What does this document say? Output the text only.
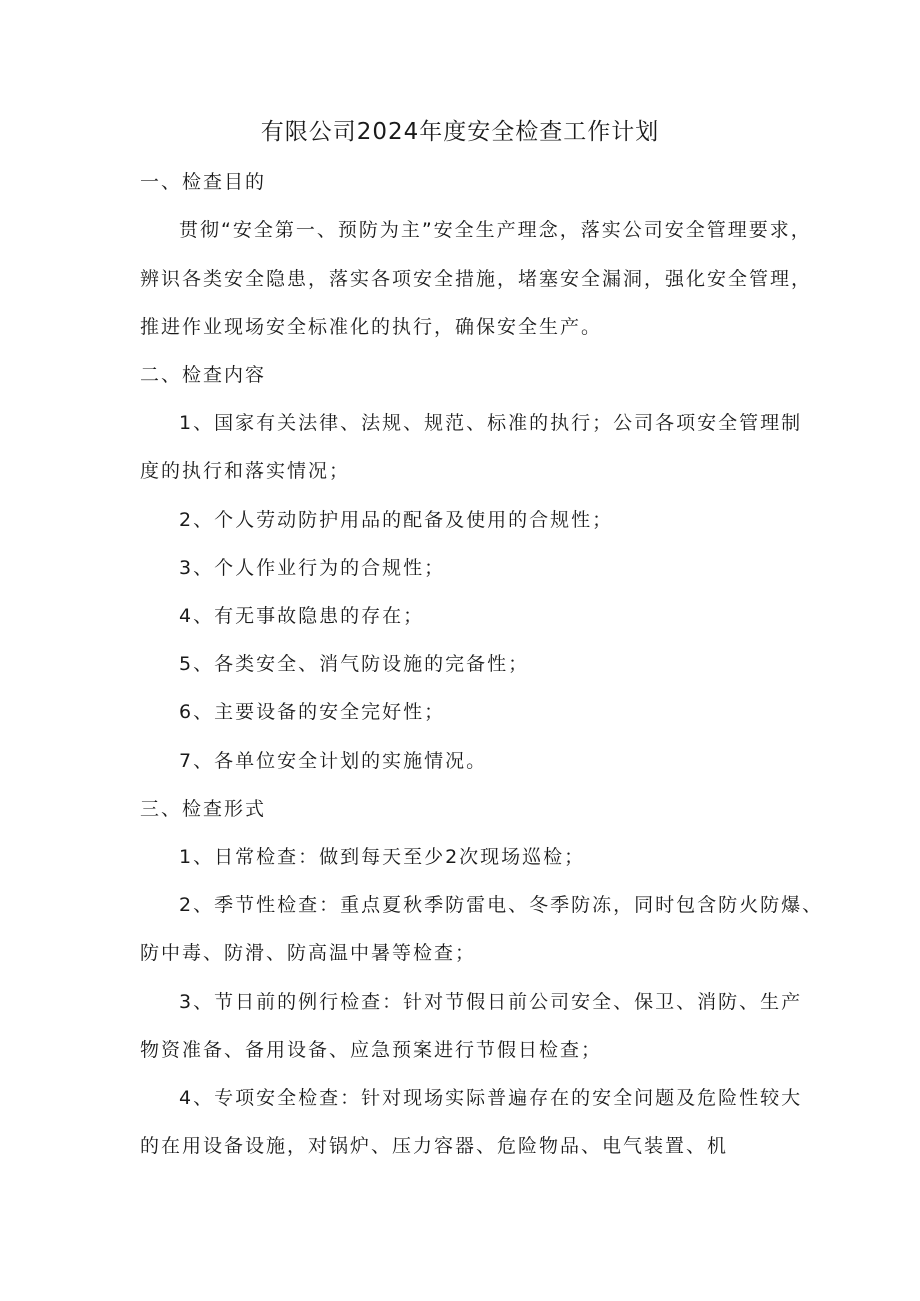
有限公司2024年度安全检查工作计划
一、检查目的
贯彻“安全第一、预防为主”安全生产理念，落实公司安全管理要求，
辨识各类安全隐患，落实各项安全措施，堵塞安全漏洞，强化安全管理，
推进作业现场安全标准化的执行，确保安全生产。
二、检查内容
1、国家有关法律、法规、规范、标准的执行；公司各项安全管理制
度的执行和落实情况；
2、个人劳动防护用品的配备及使用的合规性；
3、个人作业行为的合规性；
4、有无事故隐患的存在；
5、各类安全、消气防设施的完备性；
6、主要设备的安全完好性；
7、各单位安全计划的实施情况。
三、检查形式
1、日常检查：做到每天至少2次现场巡检；
2、季节性检查：重点夏秋季防雷电、冬季防冻，同时包含防火防爆、
防中毒、防滑、防高温中暑等检查；
3、节日前的例行检查：针对节假日前公司安全、保卫、消防、生产
物资准备、备用设备、应急预案进行节假日检查；
4、专项安全检查：针对现场实际普遍存在的安全问题及危险性较大
的在用设备设施，对锅炉、压力容器、危险物品、电气装置、机
